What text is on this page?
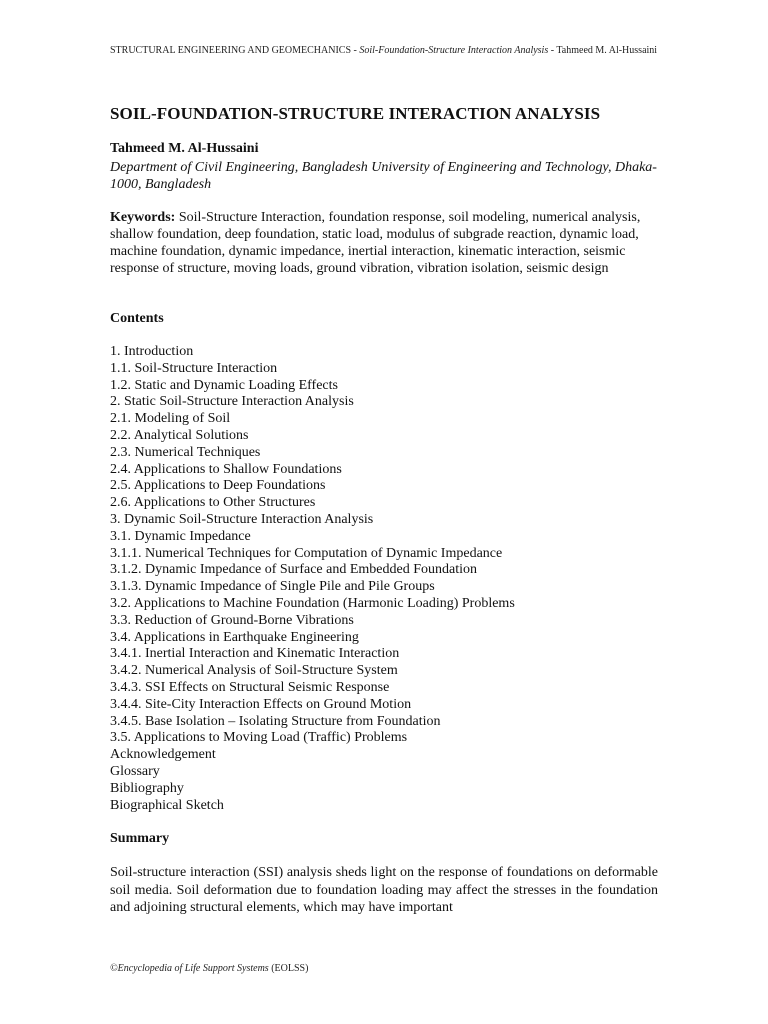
STRUCTURAL ENGINEERING AND GEOMECHANICS - Soil-Foundation-Structure Interaction Analysis - Tahmeed M. Al-Hussaini
SOIL-FOUNDATION-STRUCTURE INTERACTION ANALYSIS
Tahmeed M. Al-Hussaini
Department of Civil Engineering, Bangladesh University of Engineering and Technology, Dhaka-1000, Bangladesh
Keywords: Soil-Structure Interaction, foundation response, soil modeling, numerical analysis, shallow foundation, deep foundation, static load, modulus of subgrade reaction, dynamic load, machine foundation, dynamic impedance, inertial interaction, kinematic interaction, seismic response of structure, moving loads, ground vibration, vibration isolation, seismic design
Contents
1. Introduction
1.1. Soil-Structure Interaction
1.2. Static and Dynamic Loading Effects
2. Static Soil-Structure Interaction Analysis
2.1. Modeling of Soil
2.2. Analytical Solutions
2.3. Numerical Techniques
2.4. Applications to Shallow Foundations
2.5. Applications to Deep Foundations
2.6. Applications to Other Structures
3. Dynamic Soil-Structure Interaction Analysis
3.1. Dynamic Impedance
3.1.1. Numerical Techniques for Computation of Dynamic Impedance
3.1.2. Dynamic Impedance of Surface and Embedded Foundation
3.1.3. Dynamic Impedance of Single Pile and Pile Groups
3.2. Applications to Machine Foundation (Harmonic Loading) Problems
3.3. Reduction of Ground-Borne Vibrations
3.4. Applications in Earthquake Engineering
3.4.1. Inertial Interaction and Kinematic Interaction
3.4.2. Numerical Analysis of Soil-Structure System
3.4.3. SSI Effects on Structural Seismic Response
3.4.4. Site-City Interaction Effects on Ground Motion
3.4.5. Base Isolation – Isolating Structure from Foundation
3.5. Applications to Moving Load (Traffic) Problems
Acknowledgement
Glossary
Bibliography
Biographical Sketch
Summary
Soil-structure interaction (SSI) analysis sheds light on the response of foundations on deformable soil media. Soil deformation due to foundation loading may affect the stresses in the foundation and adjoining structural elements, which may have important
©Encyclopedia of Life Support Systems (EOLSS)
